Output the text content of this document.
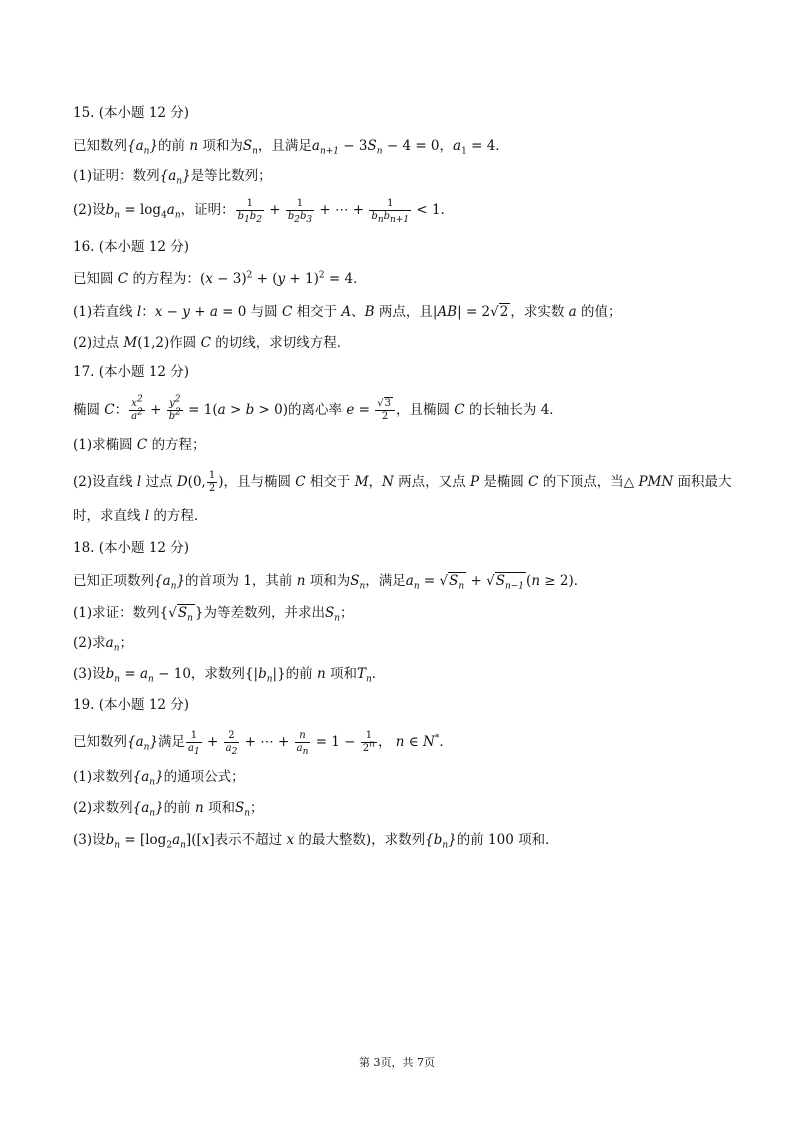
15. (本小题 12 分)
已知数列$\{a_n\}$的前 n 项和为$S_n$，且满足$a_{n+1} - 3S_n - 4 = 0$，$a_1 = 4$．
(1)证明：数列$\{a_n\}$是等比数列；
(2)设$b_n = \log_4a_n$，证明： $\frac{1}{b_1b_2} + \frac{1}{b_2b_3}$ + ⋯ + $\frac{1}{b_nb_{n+1}} < 1$．
16. (本小题 12 分)
已知圆 C 的方程为：$(x - 3)^2 + (y + 1)^2 = 4$．
(1)若直线 l：x − y + a = 0 与圆 C 相交于 A、B 两点，且|AB| = 2√2 ，求实数 a 的值；
(2)过点 M(1,2)作圆 C 的切线，求切线方程．
17. (本小题 12 分)
椭圆 C： $\frac{x^2}{a^2} + \frac{y^2}{b^2} = 1(a > b > 0)$的离心率 $e = \frac{√3}{2}$ ，且椭圆 C 的长轴长为 4．
(1)求椭圆 C 的方程；
(2)设直线 l 过点 D(0, $\frac{1}{2}$ )，且与椭圆 C 相交于 M，N 两点，又点 P 是椭圆 C 的下顶点，当△ PMN 面积最大
时，求直线 l 的方程．
18. (本小题 12 分)
已知正项数列$\{a_n\}$的首项为 1，其前 n 项和为$S_n$，满足$a_n = √S_n + √S_{n-1}$ (n ≥ 2)．
(1)求证：数列{$√S_n$ }为等差数列，并求出$S_n$；
(2)求$a_n$；
(3)设$b_n = a_n - 10$，求数列$\{|b_n|\}$的前 n 项和$T_n$．
19. (本小题 12 分)
已知数列$\{a_n\}$满足 $\frac{1}{a_1} + \frac{2}{a_2}$ + ⋯ + $\frac{n}{a_n} = 1 - \frac{1}{2^n}$ ， n ∈ N*．
(1)求数列$\{a_n\}$的通项公式；
(2)求数列$\{a_n\}$的前 n 项和$S_n$；
(3)设$b_n = [\log_2a_n]([x]$表示不超过 x 的最大整数)，求数列$\{b_n\}$的前 100 项和．
第 3页，共 7页
